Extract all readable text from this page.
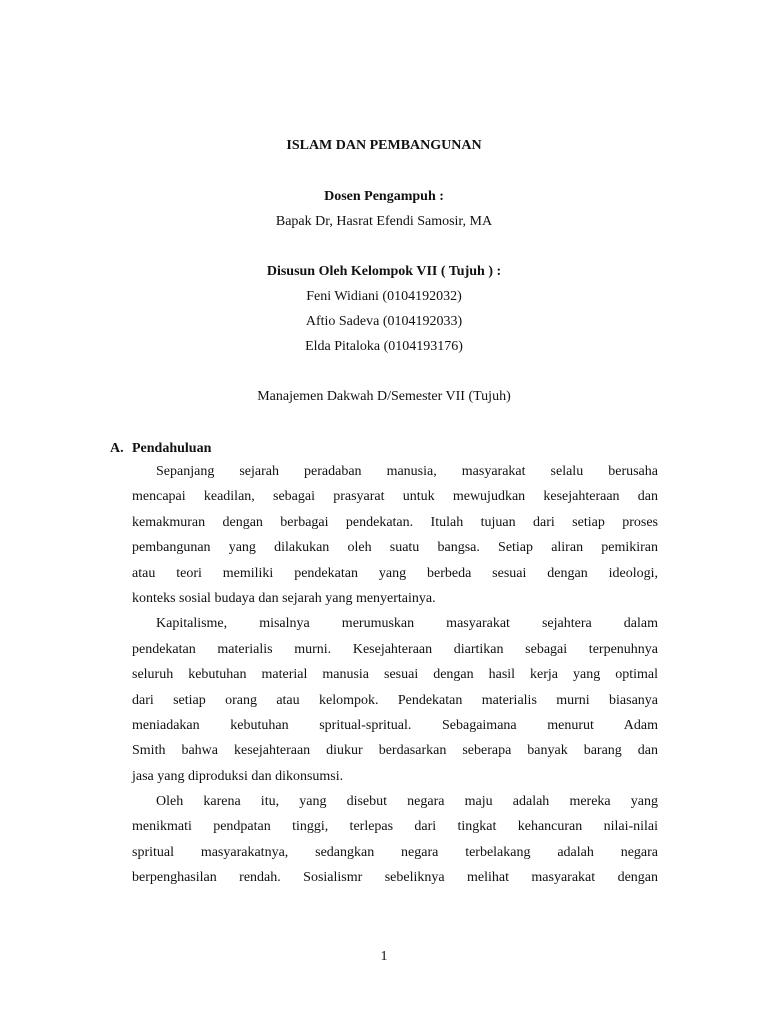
ISLAM DAN PEMBANGUNAN
Dosen Pengampuh :
Bapak Dr, Hasrat Efendi Samosir, MA
Disusun Oleh Kelompok VII ( Tujuh ) :
Feni Widiani (0104192032)
Aftio Sadeva (0104192033)
Elda Pitaloka (0104193176)
Manajemen Dakwah D/Semester VII (Tujuh)
A. Pendahuluan
Sepanjang sejarah peradaban manusia, masyarakat selalu berusaha
mencapai keadilan, sebagai prasyarat untuk mewujudkan kesejahteraan dan
kemakmuran dengan berbagai pendekatan. Itulah tujuan dari setiap proses
pembangunan yang dilakukan oleh suatu bangsa. Setiap aliran pemikiran
atau teori memiliki pendekatan yang berbeda sesuai dengan ideologi,
konteks sosial budaya dan sejarah yang menyertainya.
Kapitalisme, misalnya merumuskan masyarakat sejahtera dalam
pendekatan materialis murni. Kesejahteraan diartikan sebagai terpenuhnya
seluruh kebutuhan material manusia sesuai dengan hasil kerja yang optimal
dari setiap orang atau kelompok. Pendekatan materialis murni biasanya
meniadakan kebutuhan spritual-spritual. Sebagaimana menurut Adam
Smith bahwa kesejahteraan diukur berdasarkan seberapa banyak barang dan
jasa yang diproduksi dan dikonsumsi.
Oleh karena itu, yang disebut negara maju adalah mereka yang
menikmati pendpatan tinggi, terlepas dari tingkat kehancuran nilai-nilai
spritual masyarakatnya, sedangkan negara terbelakang adalah negara
berpenghasilan rendah. Sosialismr sebeliknya melihat masyarakat dengan
1
